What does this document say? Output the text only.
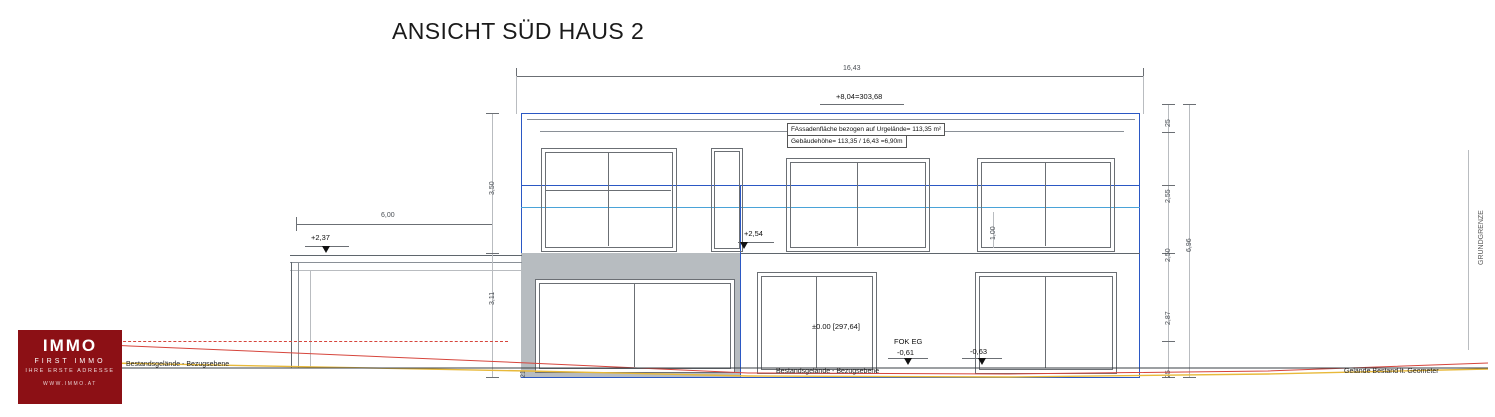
ANSICHT SÜD HAUS 2
16,43
6,00
+8,04=303,68
FAssadenfläche bezogen auf Urgelände= 113,35 m²
Gebäudehöhe= 113,35 / 16,43 =6,90m
+2,37	+2,54
±0.00 [297,64]
FOK EG
-0,61	-0,63
3,50
3,11
21
25
2,55
2,50
2,87
25
6,96
1,00	GRUNDGRENZE
Bestandsgelände - Bezugsebene
Bestandsgelände - Bezugsebene	Gelände Bestand lt. Geometer
IMMO
FIRST IMMO
IHRE ERSTE ADRESSE
WWW.IMMO.AT
